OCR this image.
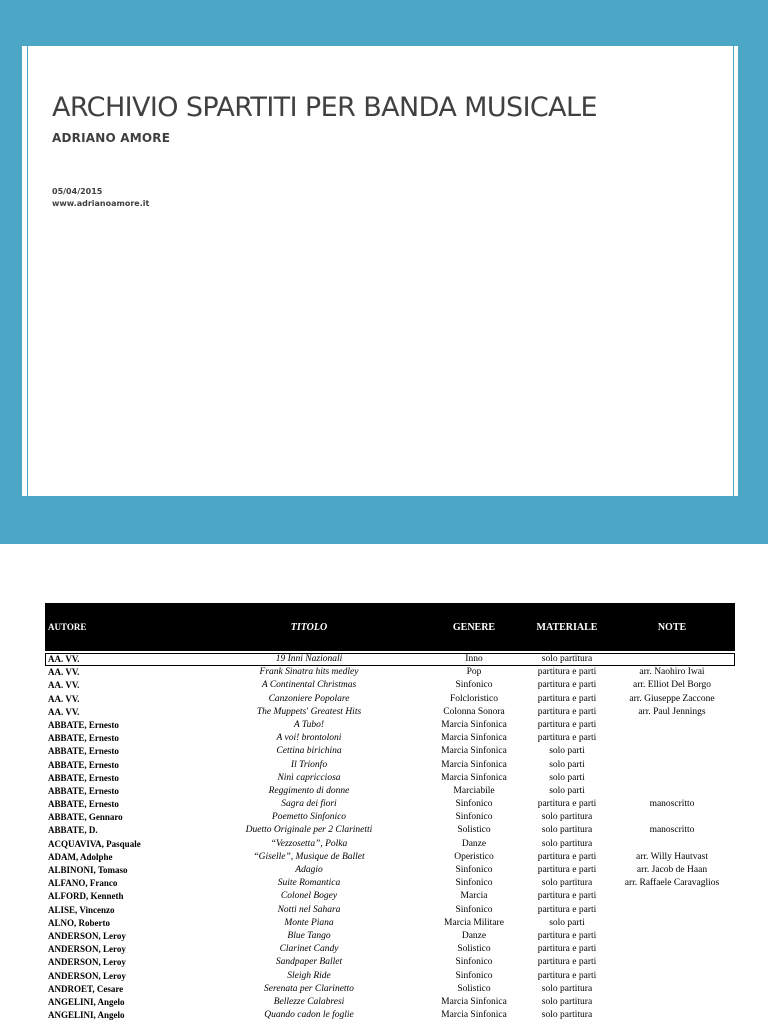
ARCHIVIO SPARTITI PER BANDA MUSICALE
ADRIANO AMORE
05/04/2015
www.adrianoamore.it
AUTORE	TITOLO	GENERE	MATERIALE	NOTE
AA. VV.	19 Inni Nazionali	Inno	solo partitura
AA. VV.	Frank Sinatra hits medley	Pop	partitura e parti	arr. Naohiro Iwai
AA. VV.	A Continental Christmas	Sinfonico	partitura e parti	arr. Elliot Del Borgo
AA. VV.	Canzoniere Popolare	Folcloristico	partitura e parti	arr. Giuseppe Zaccone
AA. VV.	The Muppets' Greatest Hits	Colonna Sonora	partitura e parti	arr. Paul Jennings
ABBATE, Ernesto	A Tubo!	Marcia Sinfonica	partitura e parti
ABBATE, Ernesto	A voi! brontoloni	Marcia Sinfonica	partitura e parti
ABBATE, Ernesto	Cettina birichina	Marcia Sinfonica	solo parti
ABBATE, Ernesto	Il Trionfo	Marcia Sinfonica	solo parti
ABBATE, Ernesto	Ninì capricciosa	Marcia Sinfonica	solo parti
ABBATE, Ernesto	Reggimento di donne	Marciabile	solo parti
ABBATE, Ernesto	Sagra dei fiori	Sinfonico	partitura e parti	manoscritto
ABBATE, Gennaro	Poemetto Sinfonico	Sinfonico	solo partitura
ABBATE, D.	Duetto Originale per 2 Clarinetti	Solistico	solo partitura	manoscritto
ACQUAVIVA, Pasquale	“Vezzosetta”, Polka	Danze	solo partitura
ADAM, Adolphe	“Giselle”, Musique de Ballet	Operistico	partitura e parti	arr. Willy Hautvast
ALBINONI, Tomaso	Adagio	Sinfonico	partitura e parti	arr. Jacob de Haan
ALFANO, Franco	Suite Romantica	Sinfonico	solo partitura	arr. Raffaele Caravaglios
ALFORD, Kenneth	Colonel Bogey	Marcia	partitura e parti
ALISE, Vincenzo	Notti nel Sahara	Sinfonico	partitura e parti
ALNO, Roberto	Monte Piana	Marcia Militare	solo parti
ANDERSON, Leroy	Blue Tango	Danze	partitura e parti
ANDERSON, Leroy	Clarinet Candy	Solistico	partitura e parti
ANDERSON, Leroy	Sandpaper Ballet	Sinfonico	partitura e parti
ANDERSON, Leroy	Sleigh Ride	Sinfonico	partitura e parti
ANDROET, Cesare	Serenata per Clarinetto	Solistico	solo partitura
ANGELINI, Angelo	Bellezze Calabresi	Marcia Sinfonica	solo partitura
ANGELINI, Angelo	Quando cadon le foglie	Marcia Sinfonica	solo partitura
